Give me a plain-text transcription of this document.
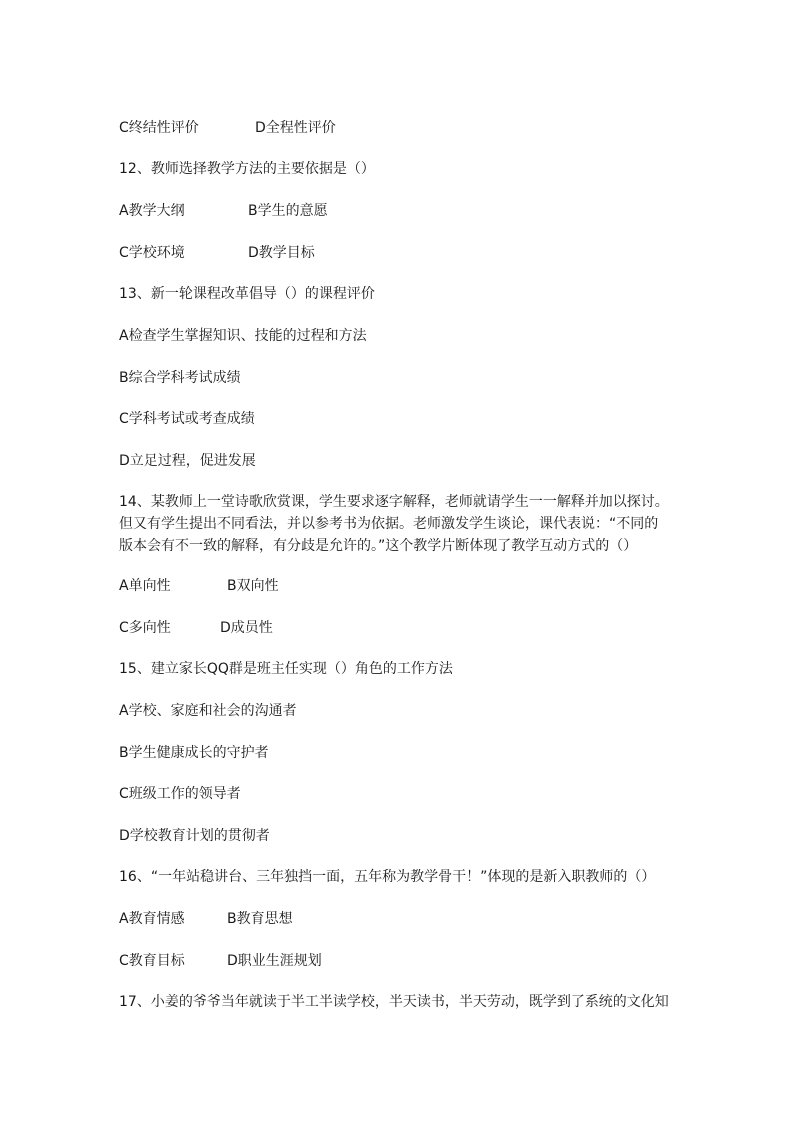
C终结性评价	D全程性评价
12、教师选择教学方法的主要依据是（）
A教学大纲	B学生的意愿
C学校环境	D教学目标
13、新一轮课程改革倡导（）的课程评价
A检查学生掌握知识、技能的过程和方法
B综合学科考试成绩
C学科考试或考查成绩
D立足过程，促进发展
14、某教师上一堂诗歌欣赏课，学生要求逐字解释，老师就请学生一一解释并加以探讨。
但又有学生提出不同看法，并以参考书为依据。老师激发学生谈论，课代表说：“不同的
版本会有不一致的解释，有分歧是允许的。”这个教学片断体现了教学互动方式的（）
A单向性	B双向性
C多向性	D成员性
15、建立家长QQ群是班主任实现（）角色的工作方法
A学校、家庭和社会的沟通者
B学生健康成长的守护者
C班级工作的领导者
D学校教育计划的贯彻者
16、“一年站稳讲台、三年独挡一面，五年称为教学骨干！”体现的是新入职教师的（）
A教育情感	B教育思想
C教育目标	D职业生涯规划
17、小姜的爷爷当年就读于半工半读学校，半天读书，半天劳动，既学到了系统的文化知
